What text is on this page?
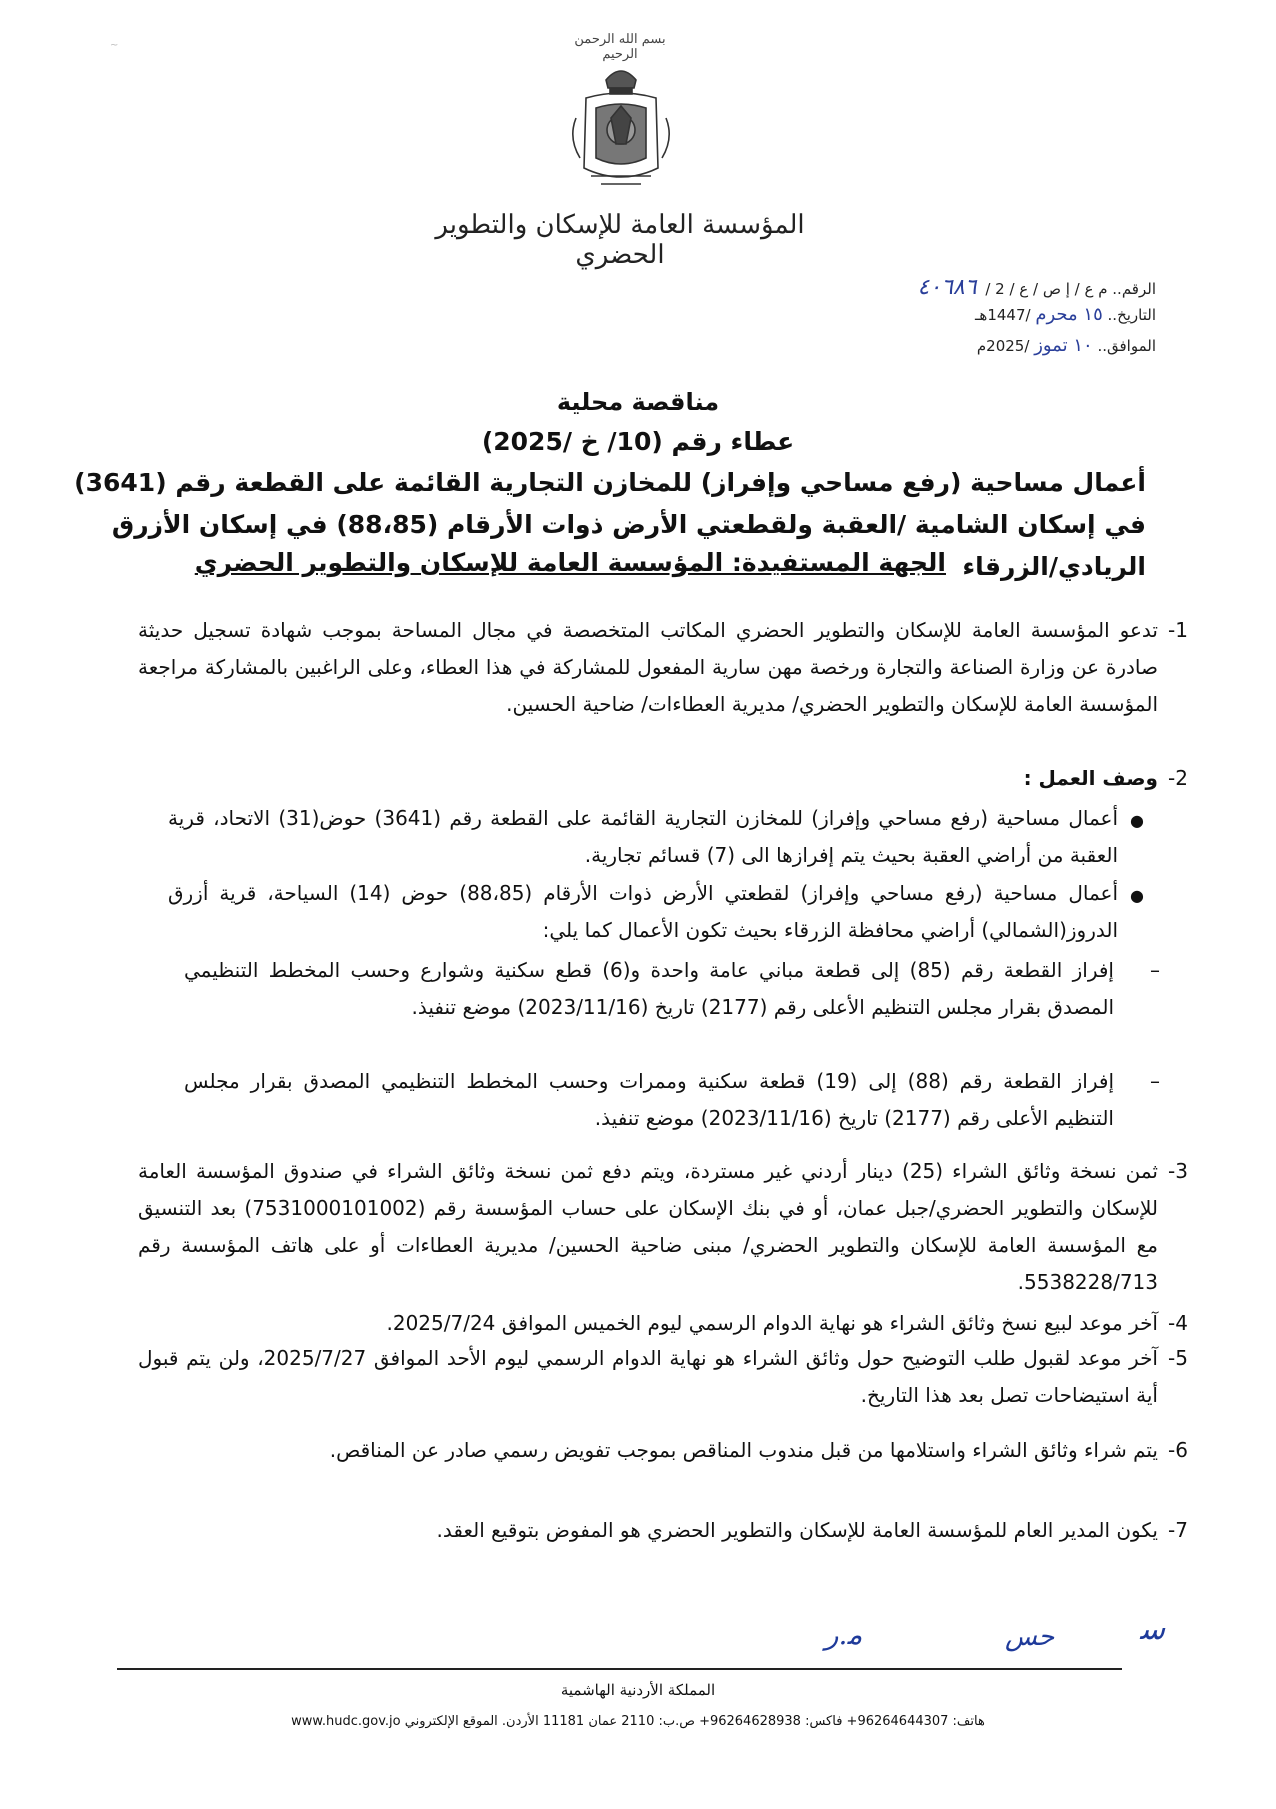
~	بسم الله الرحمن الرحيم
المؤسسة العامة للإسكان والتطوير الحضري
الرقم.. م ع / إ ص / ع / 2 / ٤٠٦٨٦
التاريخ.. ١٥ محرم /1447هـ
الموافق.. ١٠ تموز /2025م
مناقصة محلية
عطاء رقم (10/ خ /2025)
أعمال مساحية (رفع مساحي وإفراز) للمخازن التجارية القائمة على القطعة رقم (3641) في إسكان الشامية /العقبة ولقطعتي الأرض ذوات الأرقام (88،85) في إسكان الأزرق الريادي/الزرقاء
الجهة المستفيدة: المؤسسة العامة للإسكان والتطوير الحضري
-1
تدعو المؤسسة العامة للإسكان والتطوير الحضري المكاتب المتخصصة في مجال المساحة بموجب شهادة تسجيل حديثة صادرة عن وزارة الصناعة والتجارة ورخصة مهن سارية المفعول للمشاركة في هذا العطاء، وعلى الراغبين بالمشاركة مراجعة المؤسسة العامة للإسكان والتطوير الحضري/ مديرية العطاءات/ ضاحية الحسين.
-2
وصف العمل :
●
أعمال مساحية (رفع مساحي وإفراز) للمخازن التجارية القائمة على القطعة رقم (3641) حوض(31) الاتحاد، قرية العقبة من أراضي العقبة بحيث يتم إفرازها الى (7) قسائم تجارية.
●
أعمال مساحية (رفع مساحي وإفراز) لقطعتي الأرض ذوات الأرقام (88،85) حوض (14) السياحة، قرية أزرق الدروز(الشمالي) أراضي محافظة الزرقاء بحيث تكون الأعمال كما يلي:
–
إفراز القطعة رقم (85) إلى قطعة مباني عامة واحدة و(6) قطع سكنية وشوارع وحسب المخطط التنظيمي المصدق بقرار مجلس التنظيم الأعلى رقم (2177) تاريخ (2023/11/16) موضع تنفيذ.
–
إفراز القطعة رقم (88) إلى (19) قطعة سكنية وممرات وحسب المخطط التنظيمي المصدق بقرار مجلس التنظيم الأعلى رقم (2177) تاريخ (2023/11/16) موضع تنفيذ.
-3
ثمن نسخة وثائق الشراء (25) دينار أردني غير مستردة، ويتم دفع ثمن نسخة وثائق الشراء في صندوق المؤسسة العامة للإسكان والتطوير الحضري/جبل عمان، أو في بنك الإسكان على حساب المؤسسة رقم (7531000101002) بعد التنسيق مع المؤسسة العامة للإسكان والتطوير الحضري/ مبنى ضاحية الحسين/ مديرية العطاءات أو على هاتف المؤسسة رقم 5538228/713.
-4
آخر موعد لبيع نسخ وثائق الشراء هو نهاية الدوام الرسمي ليوم الخميس الموافق 2025/7/24.
-5
آخر موعد لقبول طلب التوضيح حول وثائق الشراء هو نهاية الدوام الرسمي ليوم الأحد الموافق 2025/7/27، ولن يتم قبول أية استيضاحات تصل بعد هذا التاريخ.
-6
يتم شراء وثائق الشراء واستلامها من قبل مندوب المناقص بموجب تفويض رسمي صادر عن المناقص.
-7
يكون المدير العام للمؤسسة العامة للإسكان والتطوير الحضري هو المفوض بتوقيع العقد.
ﻣ.ﺭ	ﺣﺲ	ﺳ
المملكة الأردنية الهاشمية
هاتف: 96264644307+ فاكس: 96264628938+ ص.ب: 2110 عمان 11181 الأردن. الموقع الإلكتروني www.hudc.gov.jo
